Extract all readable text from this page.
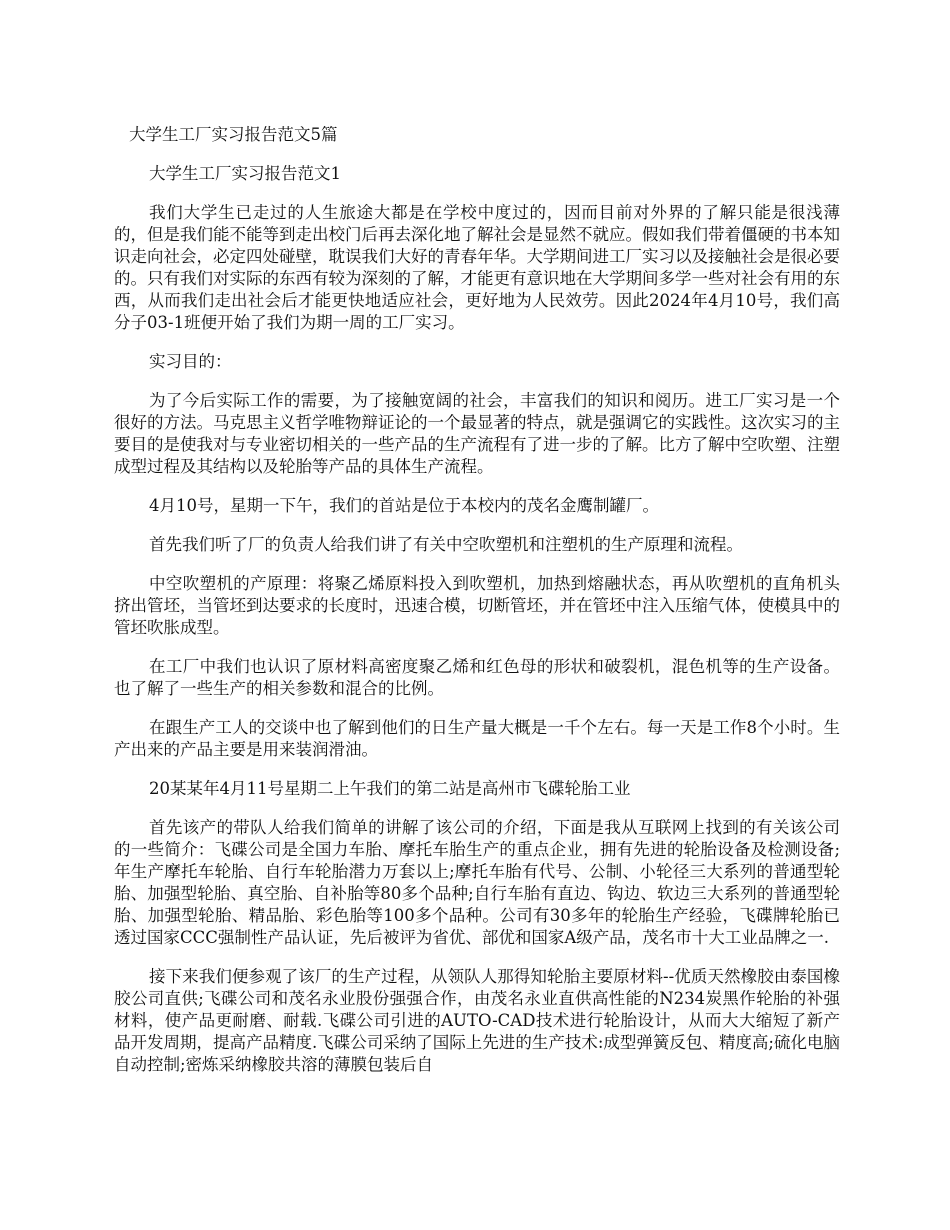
大学生工厂实习报告范文5篇

大学生工厂实习报告范文1

我们大学生已走过的人生旅途大都是在学校中度过的，因而目前对外界的了解只能是很浅薄的，但是我们能不能等到走出校门后再去深化地了解社会是显然不就应。假如我们带着僵硬的书本知识走向社会，必定四处碰壁，耽误我们大好的青春年华。大学期间进工厂实习以及接触社会是很必要的。只有我们对实际的东西有较为深刻的了解，才能更有意识地在大学期间多学一些对社会有用的东西，从而我们走出社会后才能更快地适应社会，更好地为人民效劳。因此2024年4月10号，我们高分子03-1班便开始了我们为期一周的工厂实习。

实习目的：

为了今后实际工作的需要，为了接触宽阔的社会，丰富我们的知识和阅历。进工厂实习是一个很好的方法。马克思主义哲学唯物辩证论的一个最显著的特点，就是强调它的实践性。这次实习的主要目的是使我对与专业密切相关的一些产品的生产流程有了进一步的了解。比方了解中空吹塑、注塑成型过程及其结构以及轮胎等产品的具体生产流程。

4月10号，星期一下午，我们的首站是位于本校内的茂名金鹰制罐厂。

首先我们听了厂的负责人给我们讲了有关中空吹塑机和注塑机的生产原理和流程。

中空吹塑机的产原理：将聚乙烯原料投入到吹塑机，加热到熔融状态，再从吹塑机的直角机头挤出管坯，当管坯到达要求的长度时，迅速合模，切断管坯，并在管坯中注入压缩气体，使模具中的管坯吹胀成型。

在工厂中我们也认识了原材料高密度聚乙烯和红色母的形状和破裂机，混色机等的生产设备。也了解了一些生产的相关参数和混合的比例。

在跟生产工人的交谈中也了解到他们的日生产量大概是一千个左右。每一天是工作8个小时。生产出来的产品主要是用来装润滑油。

20某某年4月11号星期二上午我们的第二站是高州市飞碟轮胎工业

首先该产的带队人给我们简单的讲解了该公司的介绍，下面是我从互联网上找到的有关该公司的一些简介：飞碟公司是全国力车胎、摩托车胎生产的重点企业，拥有先进的轮胎设备及检测设备;年生产摩托车轮胎、自行车轮胎潜力万套以上;摩托车胎有代号、公制、小轮径三大系列的普通型轮胎、加强型轮胎、真空胎、自补胎等80多个品种;自行车胎有直边、钩边、软边三大系列的普通型轮胎、加强型轮胎、精品胎、彩色胎等100多个品种。公司有30多年的轮胎生产经验，飞碟牌轮胎已透过国家CCC强制性产品认证，先后被评为省优、部优和国家A级产品，茂名市十大工业品牌之一.

接下来我们便参观了该厂的生产过程，从领队人那得知轮胎主要原材料--优质天然橡胶由泰国橡胶公司直供;飞碟公司和茂名永业股份强强合作，由茂名永业直供高性能的N234炭黑作轮胎的补强材料，使产品更耐磨、耐载.飞碟公司引进的AUTO-CAD技术进行轮胎设计，从而大大缩短了新产品开发周期，提高产品精度.飞碟公司采纳了国际上先进的生产技术:成型弹簧反包、精度高;硫化电脑自动控制;密炼采纳橡胶共溶的薄膜包装后自
